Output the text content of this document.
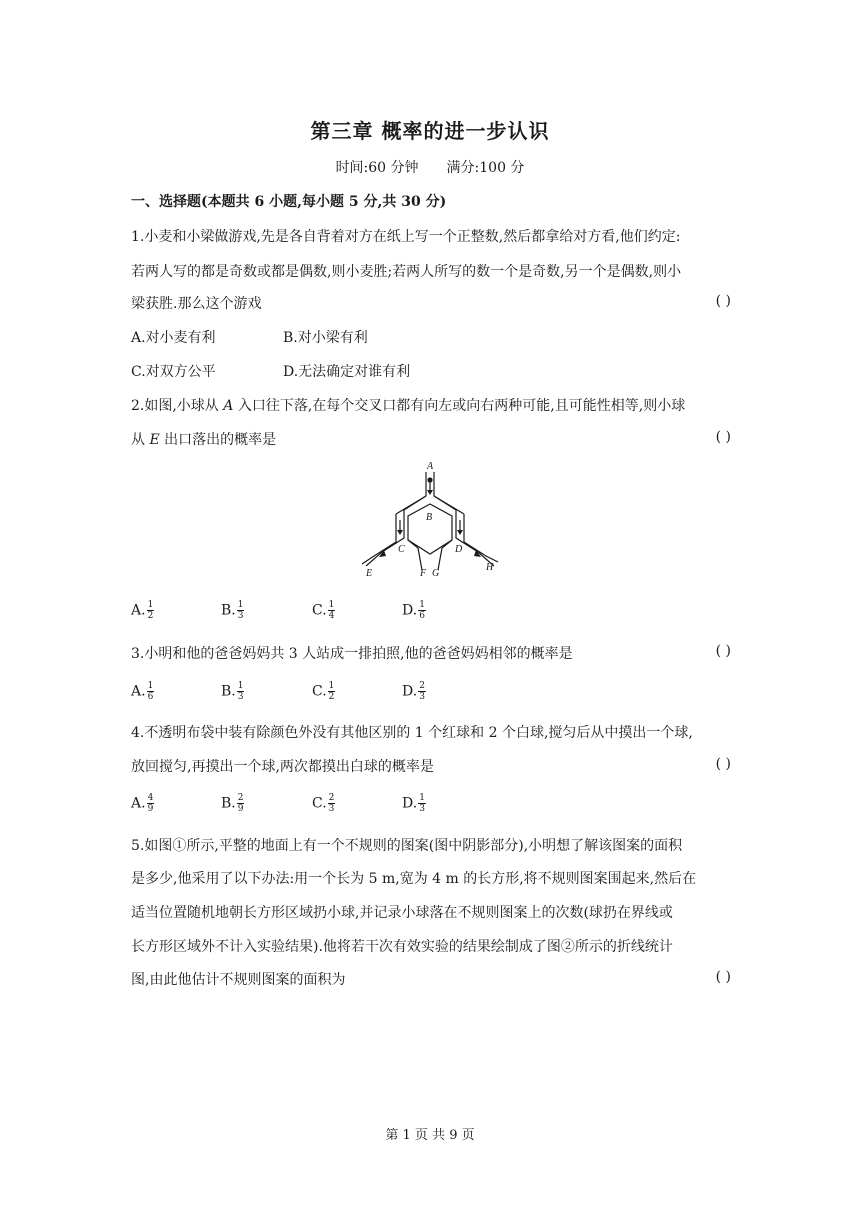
第三章 概率的进一步认识
时间:60 分钟 满分:100 分
一、选择题(本题共 6 小题,每小题 5 分,共 30 分)
1.小麦和小梁做游戏,先是各自背着对方在纸上写一个正整数,然后都拿给对方看,他们约定:
若两人写的都是奇数或都是偶数,则小麦胜;若两人所写的数一个是奇数,另一个是偶数,则小
梁获胜.那么这个游戏	( )
A.对小麦有利	B.对小梁有利
C.对双方公平	D.无法确定对谁有利
2.如图,小球从 A 入口往下落,在每个交叉口都有向左或向右两种可能,且可能性相等,则小球
从 E 出口落出的概率是	( )
A
B
C	D
E	F G
H
A. $\frac{1}{2}$	B. $\frac{1}{3}$	C. $\frac{1}{4}$	D. $\frac{1}{6}$
3.小明和他的爸爸妈妈共 3 人站成一排拍照,他的爸爸妈妈相邻的概率是	( )
A. $\frac{1}{6}$	B. $\frac{1}{3}$	C. $\frac{1}{2}$	D. $\frac{2}{3}$
4.不透明布袋中装有除颜色外没有其他区别的 1 个红球和 2 个白球,搅匀后从中摸出一个球,
放回搅匀,再摸出一个球,两次都摸出白球的概率是	( )
A. $\frac{4}{9}$	B. $\frac{2}{9}$	C. $\frac{2}{3}$	D. $\frac{1}{3}$
5.如图①所示,平整的地面上有一个不规则的图案(图中阴影部分),小明想了解该图案的面积
是多少,他采用了以下办法:用一个长为 5 m,宽为 4 m 的长方形,将不规则图案围起来,然后在
适当位置随机地朝长方形区域扔小球,并记录小球落在不规则图案上的次数(球扔在界线或
长方形区域外不计入实验结果).他将若干次有效实验的结果绘制成了图②所示的折线统计
图,由此他估计不规则图案的面积为	( )
第 1 页 共 9 页
